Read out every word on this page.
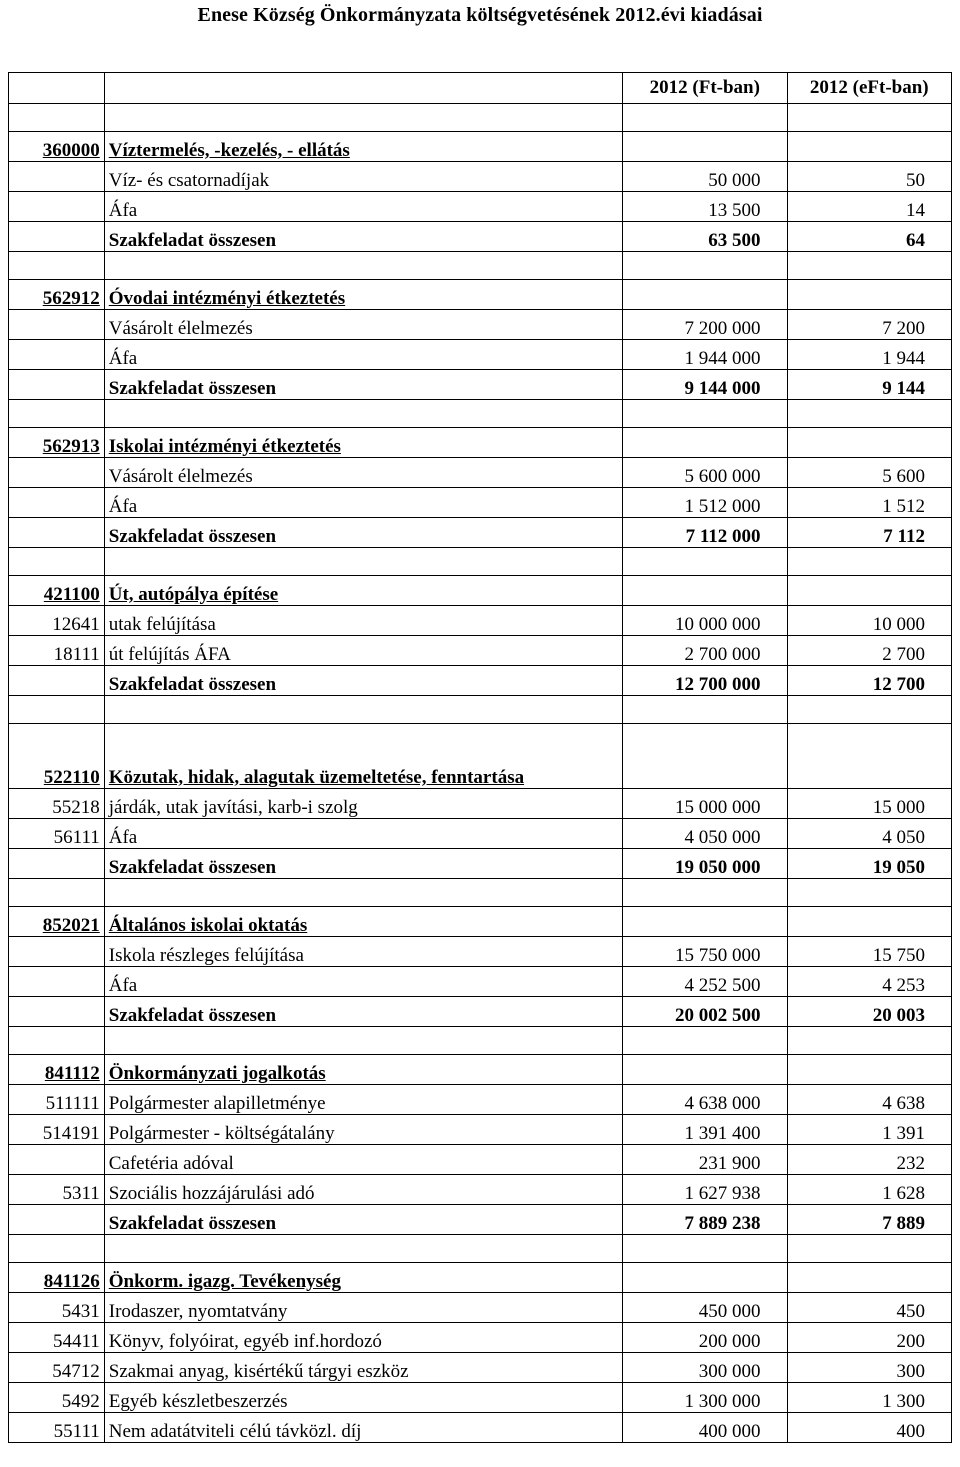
Enese Község Önkormányzata költségvetésének 2012.évi kiadásai
		2012 (Ft-ban)	2012 (eFt-ban)

360000	Víztermelés, -kezelés, - ellátás		
	Víz- és csatornadíjak	50 000	50
	Áfa	13 500	14
	Szakfeladat összesen	63 500	64

562912	Óvodai intézményi étkeztetés		
	Vásárolt élelmezés	7 200 000	7 200
	Áfa	1 944 000	1 944
	Szakfeladat összesen	9 144 000	9 144

562913	Iskolai intézményi étkeztetés		
	Vásárolt élelmezés	5 600 000	5 600
	Áfa	1 512 000	1 512
	Szakfeladat összesen	7 112 000	7 112

421100	Út, autópálya építése		
12641	utak felújítása	10 000 000	10 000
18111	út felújítás ÁFA	2 700 000	2 700
	Szakfeladat összesen	12 700 000	12 700

522110	Közutak, hidak, alagutak üzemeltetése, fenntartása		
55218	járdák, utak javítási, karb-i szolg	15 000 000	15 000
56111	Áfa	4 050 000	4 050
	Szakfeladat összesen	19 050 000	19 050

852021	Általános iskolai oktatás		
	Iskola részleges felújítása	15 750 000	15 750
	Áfa	4 252 500	4 253
	Szakfeladat összesen	20 002 500	20 003

841112	Önkormányzati jogalkotás		
511111	Polgármester alapilletménye	4 638 000	4 638
514191	Polgármester - költségátalány	1 391 400	1 391
	Cafetéria adóval	231 900	232
5311	Szociális hozzájárulási adó	1 627 938	1 628
	Szakfeladat összesen	7 889 238	7 889

841126	Önkorm. igazg. Tevékenység		
5431	Irodaszer, nyomtatvány	450 000	450
54411	Könyv, folyóirat, egyéb inf.hordozó	200 000	200
54712	Szakmai anyag, kisértékű tárgyi eszköz	300 000	300
5492	Egyéb készletbeszerzés	1 300 000	1 300
55111	Nem adatátviteli célú távközl. díj	400 000	400
